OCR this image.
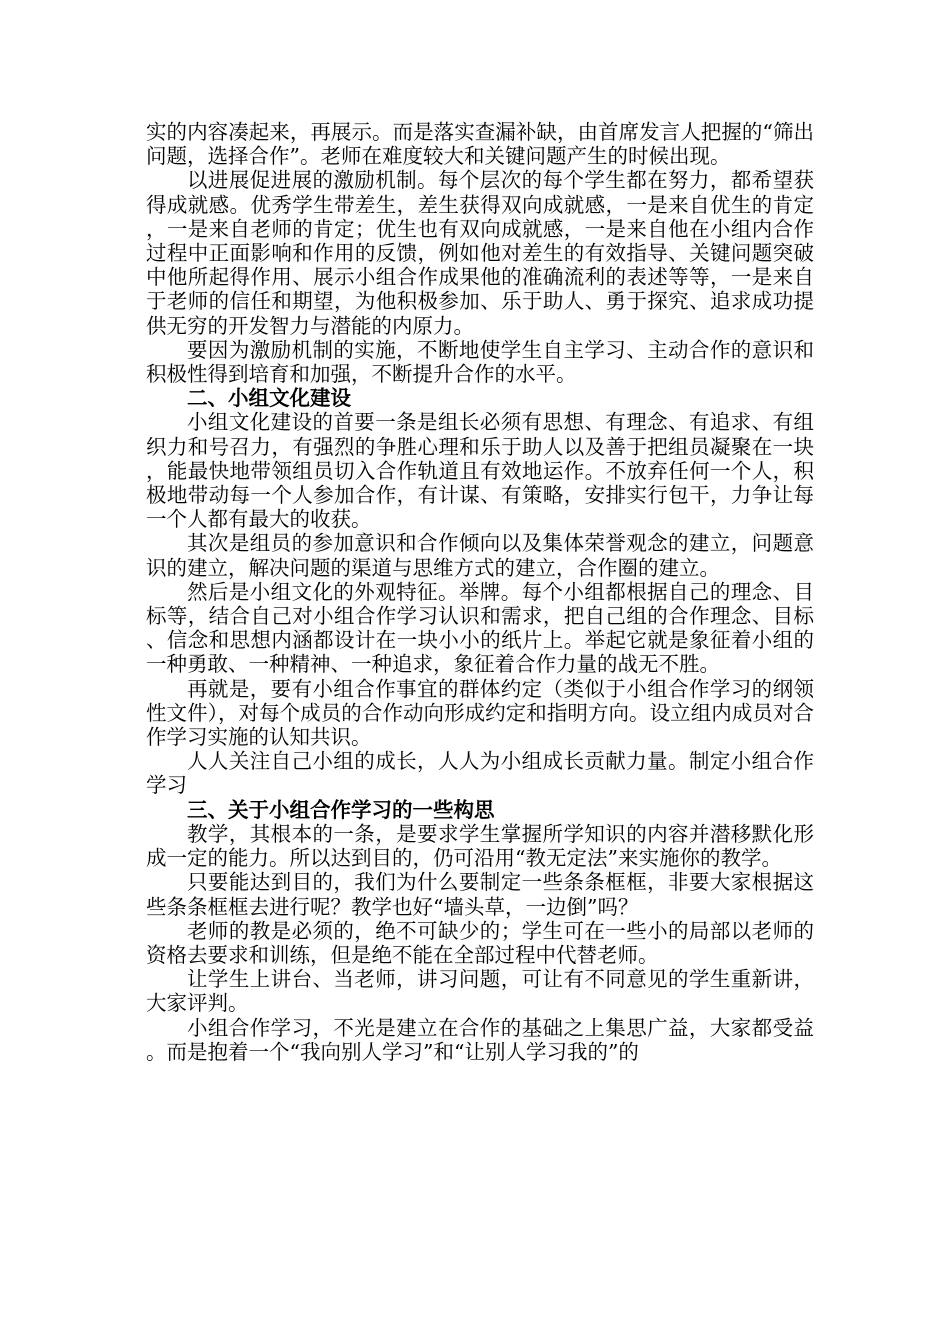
实的内容凑起来，再展示。而是落实查漏补缺，由首席发言人把握的“筛出问题，选择合作”。老师在难度较大和关键问题产生的时候出现。

以进展促进展的激励机制。每个层次的每个学生都在努力，都希望获得成就感。优秀学生带差生，差生获得双向成就感，一是来自优生的肯定，一是来自老师的肯定；优生也有双向成就感，一是来自他在小组内合作过程中正面影响和作用的反馈，例如他对差生的有效指导、关键问题突破中他所起得作用、展示小组合作成果他的准确流利的表述等等，一是来自于老师的信任和期望，为他积极参加、乐于助人、勇于探究、追求成功提供无穷的开发智力与潜能的内原力。

要因为激励机制的实施，不断地使学生自主学习、主动合作的意识和积极性得到培育和加强，不断提升合作的水平。

二、小组文化建设

小组文化建设的首要一条是组长必须有思想、有理念、有追求、有组织力和号召力，有强烈的争胜心理和乐于助人以及善于把组员凝聚在一块，能最快地带领组员切入合作轨道且有效地运作。不放弃任何一个人，积极地带动每一个人参加合作，有计谋、有策略，安排实行包干，力争让每一个人都有最大的收获。

其次是组员的参加意识和合作倾向以及集体荣誉观念的建立，问题意识的建立，解决问题的渠道与思维方式的建立，合作圈的建立。

然后是小组文化的外观特征。举牌。每个小组都根据自己的理念、目标等，结合自己对小组合作学习认识和需求，把自己组的合作理念、目标、信念和思想内涵都设计在一块小小的纸片上。举起它就是象征着小组的一种勇敢、一种精神、一种追求，象征着合作力量的战无不胜。

再就是，要有小组合作事宜的群体约定（类似于小组合作学习的纲领性文件），对每个成员的合作动向形成约定和指明方向。设立组内成员对合作学习实施的认知共识。

人人关注自己小组的成长，人人为小组成长贡献力量。制定小组合作学习

三、关于小组合作学习的一些构思

教学，其根本的一条，是要求学生掌握所学知识的内容并潜移默化形成一定的能力。所以达到目的，仍可沿用“教无定法”来实施你的教学。

只要能达到目的，我们为什么要制定一些条条框框，非要大家根据这些条条框框去进行呢？教学也好“墙头草，一边倒”吗？

老师的教是必须的，绝不可缺少的；学生可在一些小的局部以老师的资格去要求和训练，但是绝不能在全部过程中代替老师。

让学生上讲台、当老师，讲习问题，可让有不同意见的学生重新讲，大家评判。

小组合作学习，不光是建立在合作的基础之上集思广益，大家都受益。而是抱着一个“我向别人学习”和“让别人学习我的”的
